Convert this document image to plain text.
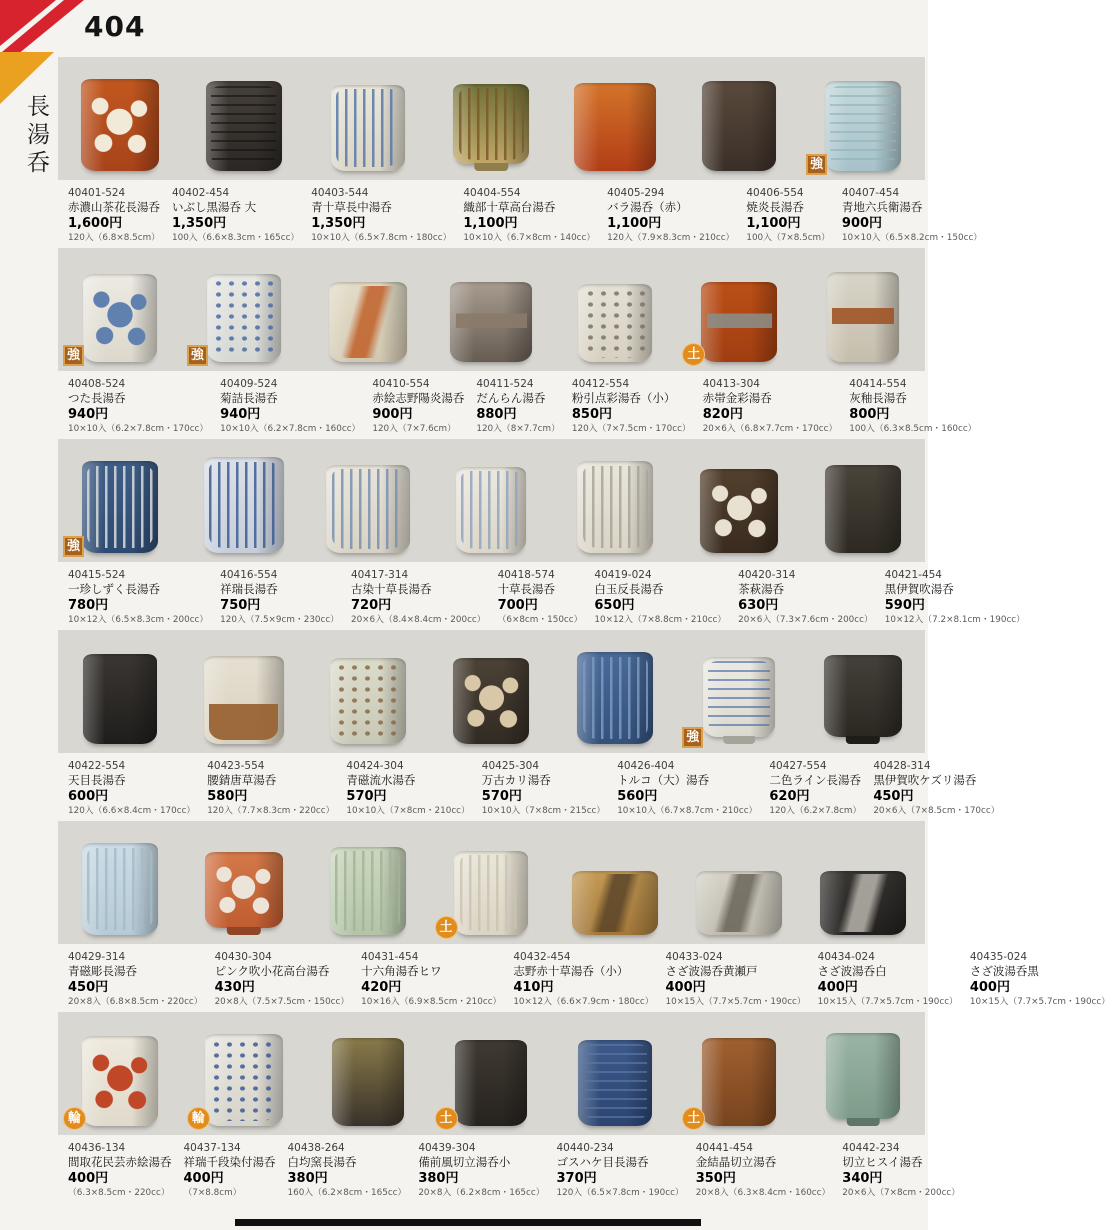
404
長湯呑	強
40401-524
赤濃山茶花長湯呑
1,600円
120入（6.8×8.5cm）
40402-454
いぶし黒湯呑 大
1,350円
100入（6.6×8.3cm・165cc）
40403-544
青十草長中湯呑
1,350円
10×10入（6.5×7.8cm・180cc）
40404-554
織部十草高台湯呑
1,100円
10×10入（6.7×8cm・140cc）
40405-294
バラ湯呑（赤）
1,100円
120入（7.9×8.3cm・210cc）
40406-554
焼炎長湯呑
1,100円
100入（7×8.5cm）
40407-454
青地六兵衛湯呑
900円
10×10入（6.5×8.2cm・150cc）
強	強	土
40408-524
つた長湯呑
940円
10×10入（6.2×7.8cm・170cc）
40409-524
菊詰長湯呑
940円
10×10入（6.2×7.8cm・160cc）
40410-554
赤絵志野陽炎湯呑
900円
120入（7×7.6cm）
40411-524
だんらん湯呑
880円
120入（8×7.7cm）
40412-554
粉引点彩湯呑（小）
850円
120入（7×7.5cm・170cc）
40413-304
赤帯金彩湯呑
820円
20×6入（6.8×7.7cm・170cc）
40414-554
灰釉長湯呑
800円
100入（6.3×8.5cm・160cc）
強
40415-524
一珍しずく長湯呑
780円
10×12入（6.5×8.3cm・200cc）
40416-554
祥瑞長湯呑
750円
120入（7.5×9cm・230cc）
40417-314
古染十草長湯呑
720円
20×6入（8.4×8.4cm・200cc）
40418-574
十草長湯呑
700円
（6×8cm・150cc）
40419-024
白玉反長湯呑
650円
10×12入（7×8.8cm・210cc）
40420-314
茶萩湯呑
630円
20×6入（7.3×7.6cm・200cc）
40421-454
黒伊賀吹湯呑
590円
10×12入（7.2×8.1cm・190cc）
強
40422-554
天目長湯呑
600円
120入（6.6×8.4cm・170cc）
40423-554
腰錆唐草湯呑
580円
120入（7.7×8.3cm・220cc）
40424-304
青磁流水湯呑
570円
10×10入（7×8cm・210cc）
40425-304
万古カリ湯呑
570円
10×10入（7×8cm・215cc）
40426-404
トルコ（大）湯呑
560円
10×10入（6.7×8.7cm・210cc）
40427-554
二色ライン長湯呑
620円
120入（6.2×7.8cm）
40428-314
黒伊賀吹ケズリ湯呑
450円
20×6入（7×8.5cm・170cc）
土
40429-314
青磁彫長湯呑
450円
20×8入（6.8×8.5cm・220cc）
40430-304
ピンク吹小花高台湯呑
430円
20×8入（7.5×7.5cm・150cc）
40431-454
十六角湯呑ヒワ
420円
10×16入（6.9×8.5cm・210cc）
40432-454
志野赤十草湯呑（小）
410円
10×12入（6.6×7.9cm・180cc）
40433-024
さざ波湯呑黄瀬戸
400円
10×15入（7.7×5.7cm・190cc）
40434-024
さざ波湯呑白
400円
10×15入（7.7×5.7cm・190cc）
40435-024
さざ波湯呑黒
400円
10×15入（7.7×5.7cm・190cc）
輪	輪	土	土
40436-134
間取花民芸赤絵湯呑
400円
（6.3×8.5cm・220cc）
40437-134
祥瑞千段染付湯呑
400円
（7×8.8cm）
40438-264
白均窯長湯呑
380円
160入（6.2×8cm・165cc）
40439-304
備前風切立湯呑小
380円
20×8入（6.2×8cm・165cc）
40440-234
ゴスハケ目長湯呑
370円
120入（6.5×7.8cm・190cc）
40441-454
金結晶切立湯呑
350円
20×8入（6.3×8.4cm・160cc）
40442-234
切立ヒスイ湯呑
340円
20×6入（7×8cm・200cc）
